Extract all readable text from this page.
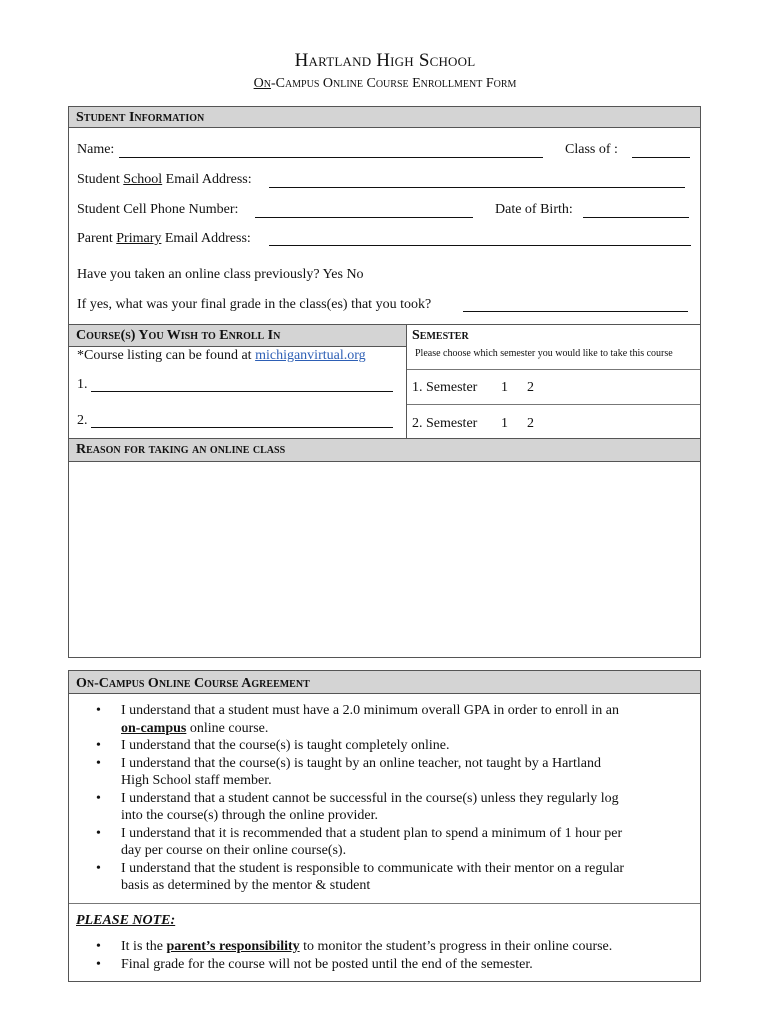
Hartland High School
On-Campus Online Course Enrollment Form
Student Information
Name:	Class of :
Student School Email Address:
Student Cell Phone Number:	Date of Birth:
Parent Primary Email Address:
Have you taken an online class previously? Yes No
If yes, what was your final grade in the class(es) that you took?
Course(s) You Wish to Enroll In	Semester
*Course listing can be found at michiganvirtual.org
1.
2.
Please choose which semester you would like to take this course
1. Semester 1 2
2. Semester 1 2
Reason for taking an online class
On-Campus Online Course Agreement
• I understand that a student must have a 2.0 minimum overall GPA in order to enroll in an
on-campus online course.
• I understand that the course(s) is taught completely online.
• I understand that the course(s) is taught by an online teacher, not taught by a Hartland
High School staff member.
• I understand that a student cannot be successful in the course(s) unless they regularly log
into the course(s) through the online provider.
• I understand that it is recommended that a student plan to spend a minimum of 1 hour per
day per course on their online course(s).
• I understand that the student is responsible to communicate with their mentor on a regular
basis as determined by the mentor & student
PLEASE NOTE:
• It is the parent’s responsibility to monitor the student’s progress in their online course.
• Final grade for the course will not be posted until the end of the semester.
